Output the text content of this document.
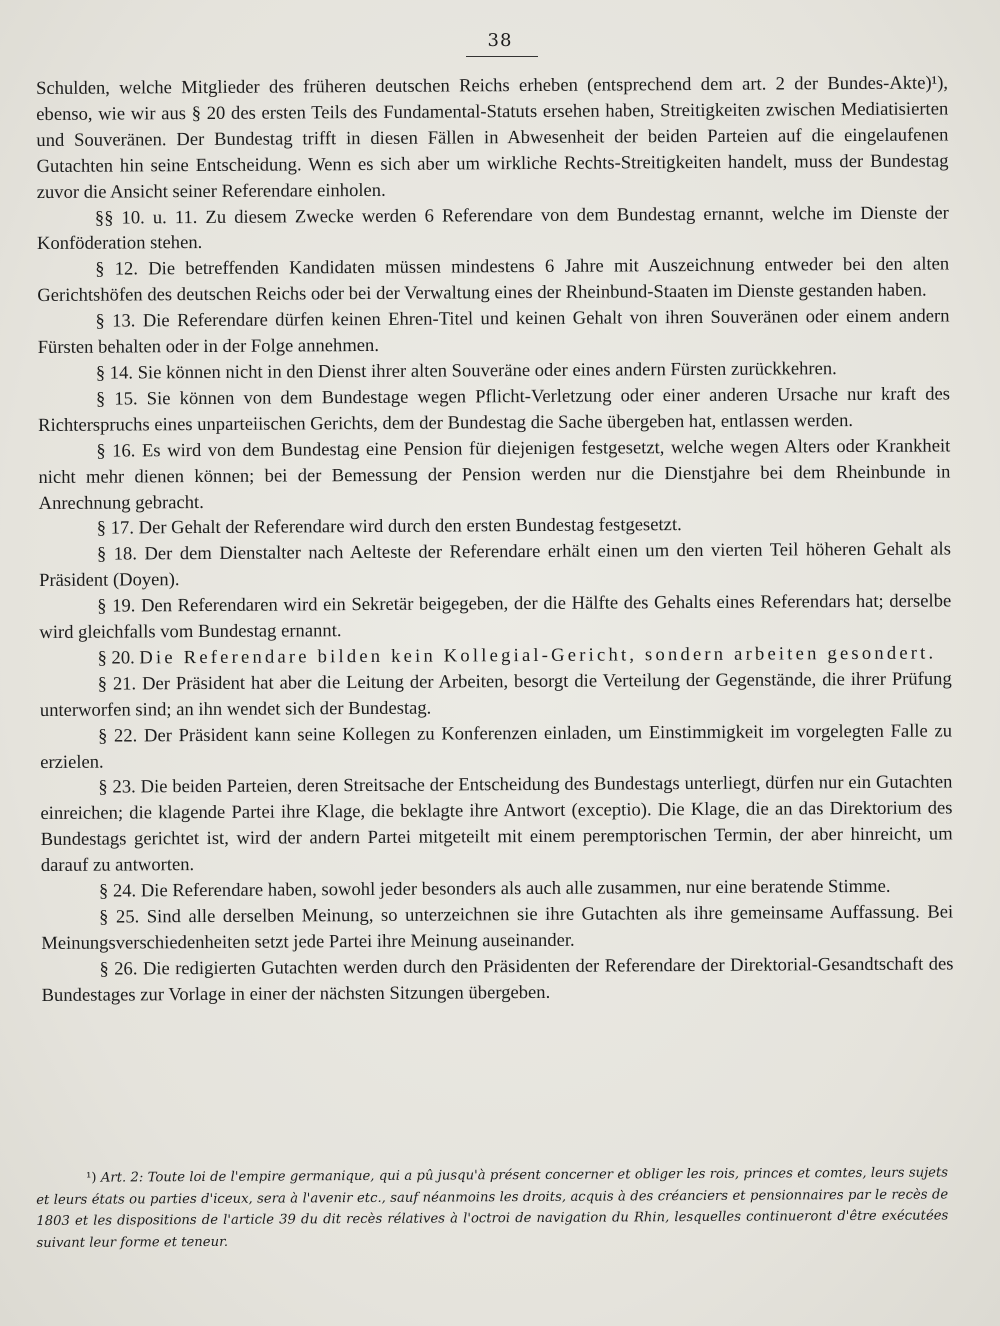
38

Schulden, welche Mitglieder des früheren deutschen Reichs erheben (entsprechend dem art. 2 der Bundes-Akte)¹), ebenso, wie wir aus § 20 des ersten Teils des Fundamental-Statuts ersehen haben, Streitigkeiten zwischen Mediatisierten und Souveränen. Der Bundestag trifft in diesen Fällen in Abwesenheit der beiden Parteien auf die eingelaufenen Gutachten hin seine Entscheidung. Wenn es sich aber um wirkliche Rechts-Streitigkeiten handelt, muss der Bundestag zuvor die Ansicht seiner Referendare einholen.

§§ 10. u. 11. Zu diesem Zwecke werden 6 Referendare von dem Bundestag ernannt, welche im Dienste der Konföderation stehen.

§ 12. Die betreffenden Kandidaten müssen mindestens 6 Jahre mit Auszeichnung entweder bei den alten Gerichtshöfen des deutschen Reichs oder bei der Verwaltung eines der Rheinbund-Staaten im Dienste gestanden haben.

§ 13. Die Referendare dürfen keinen Ehren-Titel und keinen Gehalt von ihren Souveränen oder einem andern Fürsten behalten oder in der Folge annehmen.

§ 14. Sie können nicht in den Dienst ihrer alten Souveräne oder eines andern Fürsten zurückkehren.

§ 15. Sie können von dem Bundestage wegen Pflicht-Verletzung oder einer anderen Ursache nur kraft des Richterspruchs eines unparteiischen Gerichts, dem der Bundestag die Sache übergeben hat, entlassen werden.

§ 16. Es wird von dem Bundestag eine Pension für diejenigen festgesetzt, welche wegen Alters oder Krankheit nicht mehr dienen können; bei der Bemessung der Pension werden nur die Dienstjahre bei dem Rheinbunde in Anrechnung gebracht.

§ 17. Der Gehalt der Referendare wird durch den ersten Bundestag festgesetzt.

§ 18. Der dem Dienstalter nach Aelteste der Referendare erhält einen um den vierten Teil höheren Gehalt als Präsident (Doyen).

§ 19. Den Referendaren wird ein Sekretär beigegeben, der die Hälfte des Gehalts eines Referendars hat; derselbe wird gleichfalls vom Bundestag ernannt.

§ 20. Die Referendare bilden kein Kollegial-Gericht, sondern arbeiten gesondert.

§ 21. Der Präsident hat aber die Leitung der Arbeiten, besorgt die Verteilung der Gegenstände, die ihrer Prüfung unterworfen sind; an ihn wendet sich der Bundestag.

§ 22. Der Präsident kann seine Kollegen zu Konferenzen einladen, um Einstimmigkeit im vorgelegten Falle zu erzielen.

§ 23. Die beiden Parteien, deren Streitsache der Entscheidung des Bundestags unterliegt, dürfen nur ein Gutachten einreichen; die klagende Partei ihre Klage, die beklagte ihre Antwort (exceptio). Die Klage, die an das Direktorium des Bundestags gerichtet ist, wird der andern Partei mitgeteilt mit einem peremptorischen Termin, der aber hinreicht, um darauf zu antworten.

§ 24. Die Referendare haben, sowohl jeder besonders als auch alle zusammen, nur eine beratende Stimme.

§ 25. Sind alle derselben Meinung, so unterzeichnen sie ihre Gutachten als ihre gemeinsame Auffassung. Bei Meinungsverschiedenheiten setzt jede Partei ihre Meinung auseinander.

§ 26. Die redigierten Gutachten werden durch den Präsidenten der Referendare der Direktorial-Gesandtschaft des Bundestages zur Vorlage in einer der nächsten Sitzungen übergeben.

¹) Art. 2: Toute loi de l'empire germanique, qui a pû jusqu'à présent concerner et obliger les rois, princes et comtes, leurs sujets et leurs états ou parties d'iceux, sera à l'avenir etc., sauf néanmoins les droits, acquis à des créanciers et pensionnaires par le recès de 1803 et les dispositions de l'article 39 du dit recès rélatives à l'octroi de navigation du Rhin, lesquelles continueront d'être exécutées suivant leur forme et teneur.
